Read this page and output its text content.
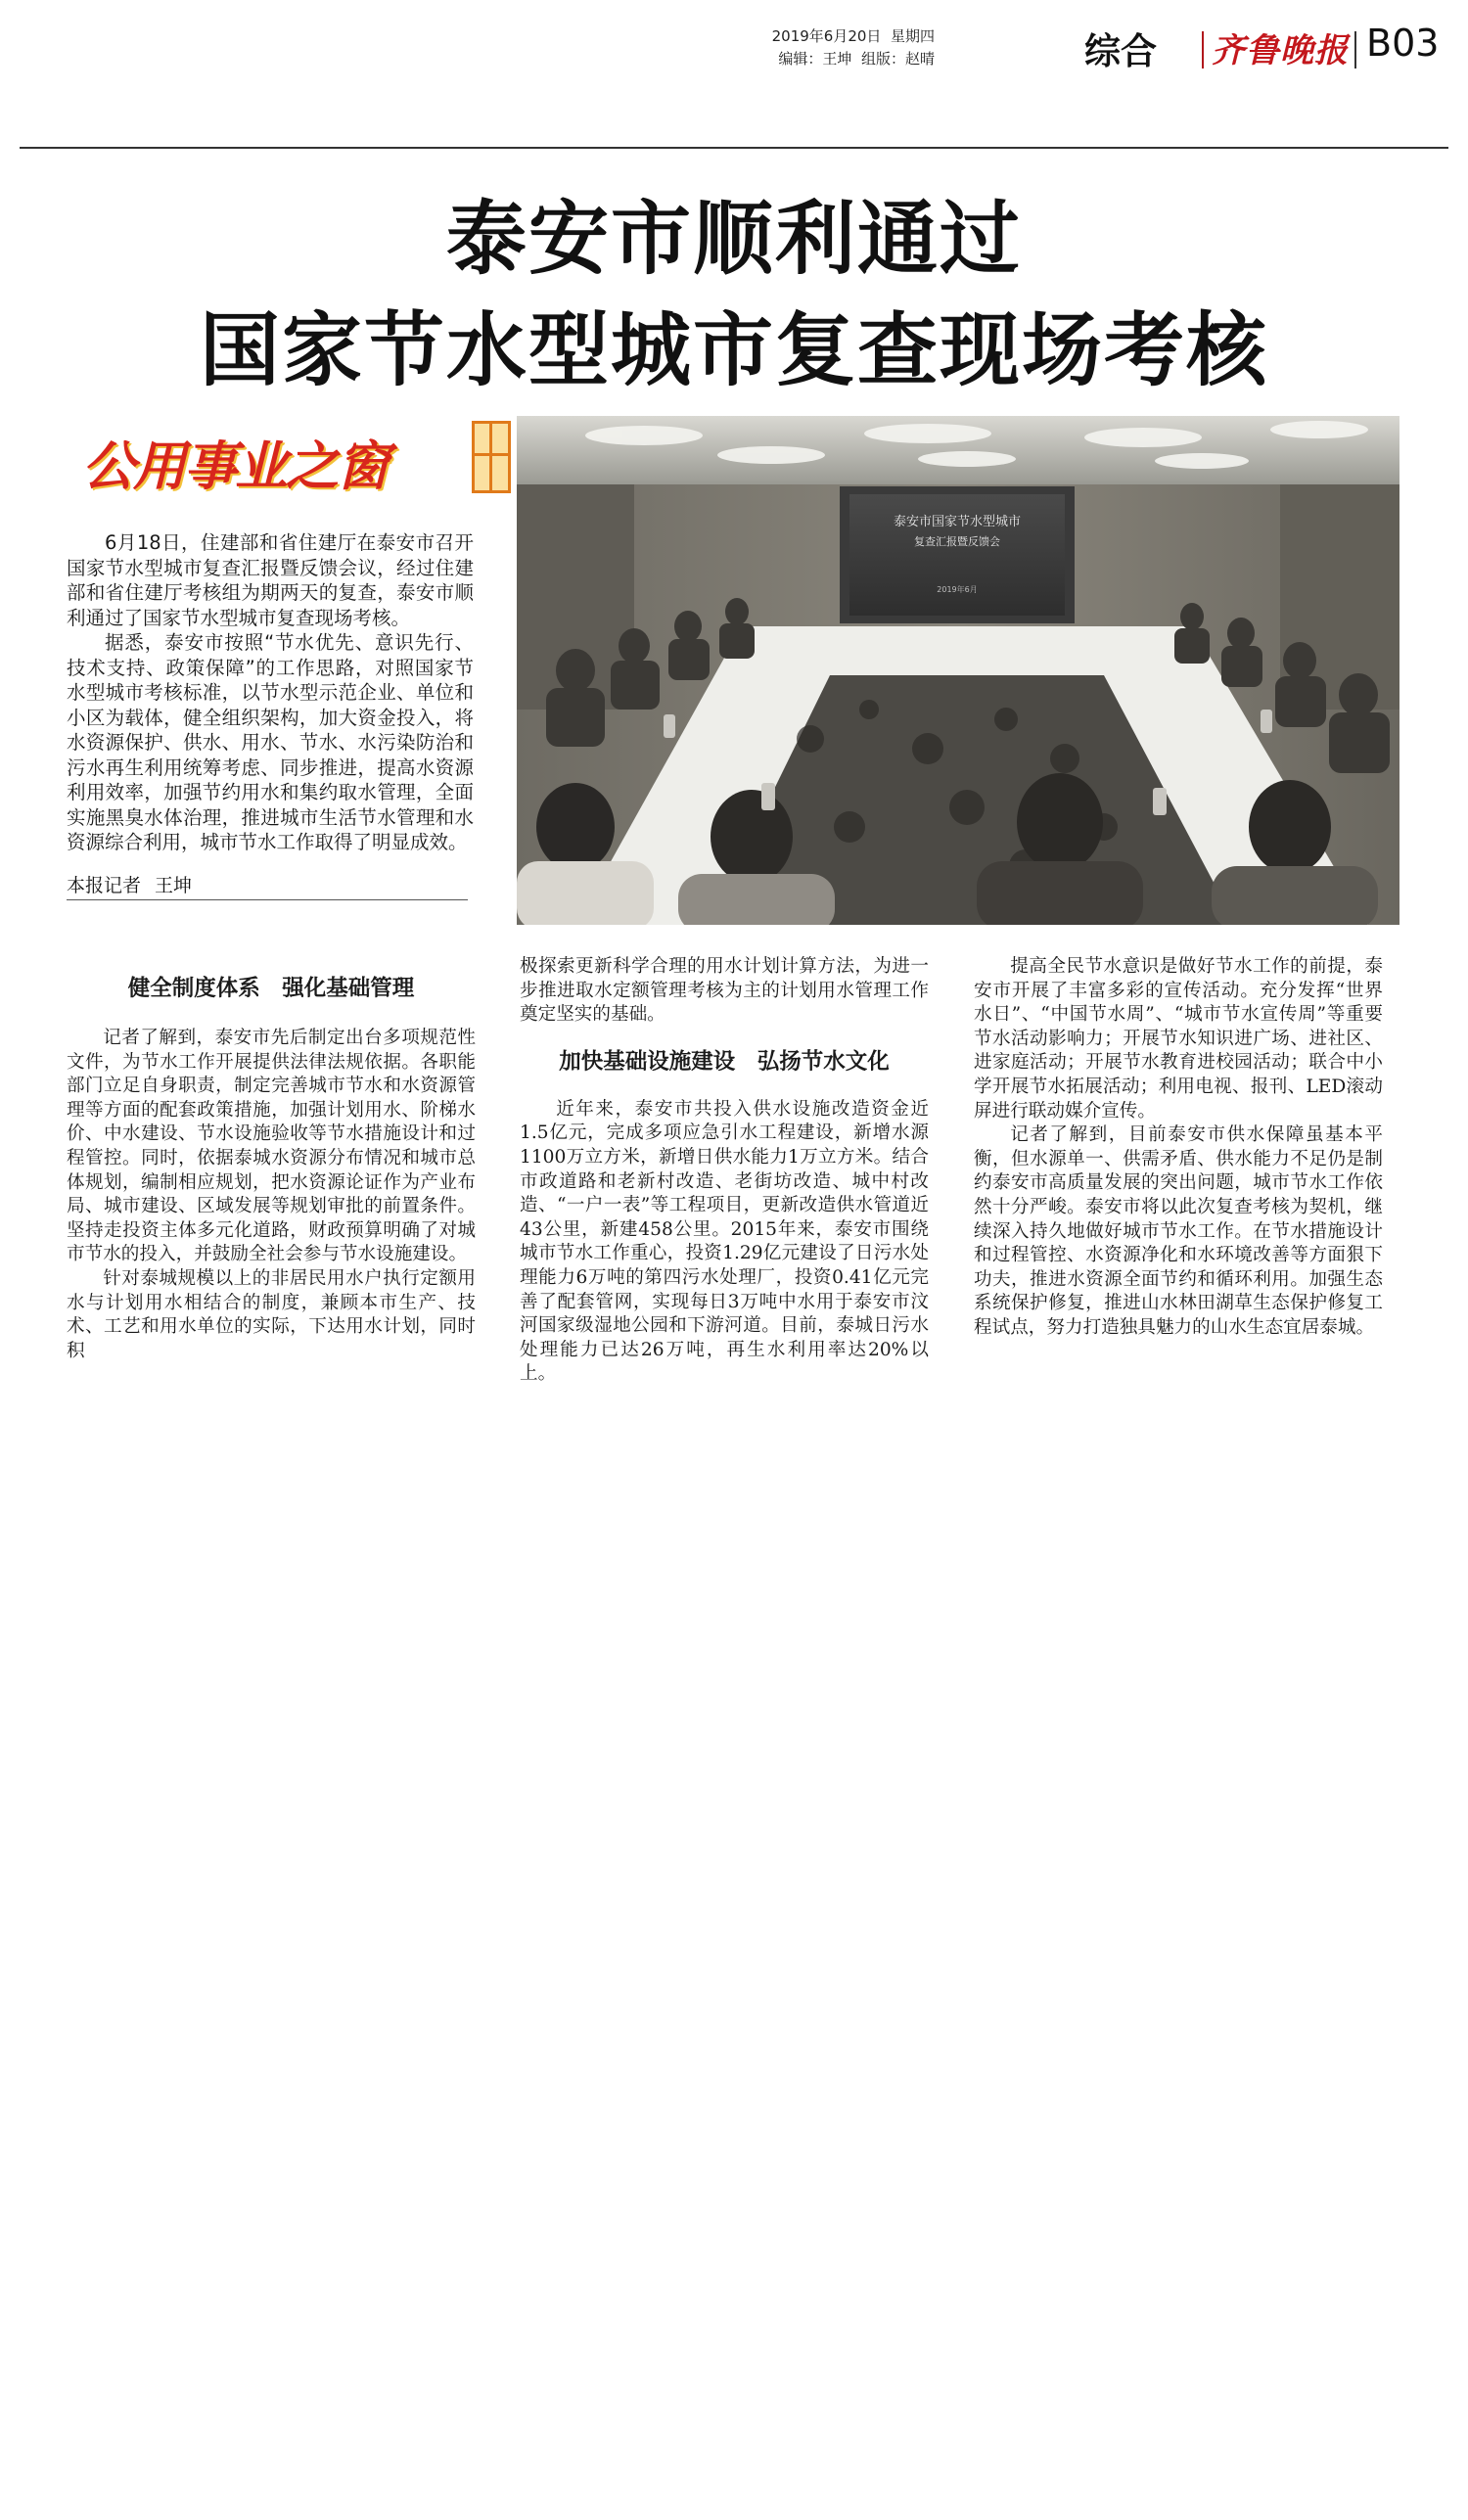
2019年6月20日 星期四
编辑：王坤 组版：赵晴	综合 齐鲁晚报 B03
泰安市顺利通过
国家节水型城市复查现场考核
公用事业之窗

6月18日，住建部和省住建厅在泰安市召开国家节水型城市复查汇报暨反馈会议，经过住建部和省住建厅考核组为期两天的复查，泰安市顺利通过了国家节水型城市复查现场考核。

据悉，泰安市按照“节水优先、意识先行、技术支持、政策保障”的工作思路，对照国家节水型城市考核标准，以节水型示范企业、单位和小区为载体，健全组织架构，加大资金投入，将水资源保护、供水、用水、节水、水污染防治和污水再生利用统筹考虑、同步推进，提高水资源利用效率，加强节约用水和集约取水管理，全面实施黑臭水体治理，推进城市生活节水管理和水资源综合利用，城市节水工作取得了明显成效。

本报记者 王坤
泰安市国家节水型城市
复查汇报暨反馈会
2019年6月

健全制度体系　强化基础管理

记者了解到，泰安市先后制定出台多项规范性文件，为节水工作开展提供法律法规依据。各职能部门立足自身职责，制定完善城市节水和水资源管理等方面的配套政策措施，加强计划用水、阶梯水价、中水建设、节水设施验收等节水措施设计和过程管控。同时，依据泰城水资源分布情况和城市总体规划，编制相应规划，把水资源论证作为产业布局、城市建设、区域发展等规划审批的前置条件。坚持走投资主体多元化道路，财政预算明确了对城市节水的投入，并鼓励全社会参与节水设施建设。

针对泰城规模以上的非居民用水户执行定额用水与计划用水相结合的制度，兼顾本市生产、技术、工艺和用水单位的实际，下达用水计划，同时积

极探索更新科学合理的用水计划计算方法，为进一步推进取水定额管理考核为主的计划用水管理工作奠定坚实的基础。

加快基础设施建设　弘扬节水文化

近年来，泰安市共投入供水设施改造资金近1.5亿元，完成多项应急引水工程建设，新增水源1100万立方米，新增日供水能力1万立方米。结合市政道路和老新村改造、老街坊改造、城中村改造、“一户一表”等工程项目，更新改造供水管道近43公里，新建458公里。2015年来，泰安市围绕城市节水工作重心，投资1.29亿元建设了日污水处理能力6万吨的第四污水处理厂，投资0.41亿元完善了配套管网，实现每日3万吨中水用于泰安市汶河国家级湿地公园和下游河道。目前，泰城日污水处理能力已达26万吨，再生水利用率达20%以上。

提高全民节水意识是做好节水工作的前提，泰安市开展了丰富多彩的宣传活动。充分发挥“世界水日”、“中国节水周”、“城市节水宣传周”等重要节水活动影响力；开展节水知识进广场、进社区、进家庭活动；开展节水教育进校园活动；联合中小学开展节水拓展活动；利用电视、报刊、LED滚动屏进行联动媒介宣传。

记者了解到，目前泰安市供水保障虽基本平衡，但水源单一、供需矛盾、供水能力不足仍是制约泰安市高质量发展的突出问题，城市节水工作依然十分严峻。泰安市将以此次复查考核为契机，继续深入持久地做好城市节水工作。在节水措施设计和过程管控、水资源净化和水环境改善等方面狠下功夫，推进水资源全面节约和循环利用。加强生态系统保护修复，推进山水林田湖草生态保护修复工程试点，努力打造独具魅力的山水生态宜居泰城。
